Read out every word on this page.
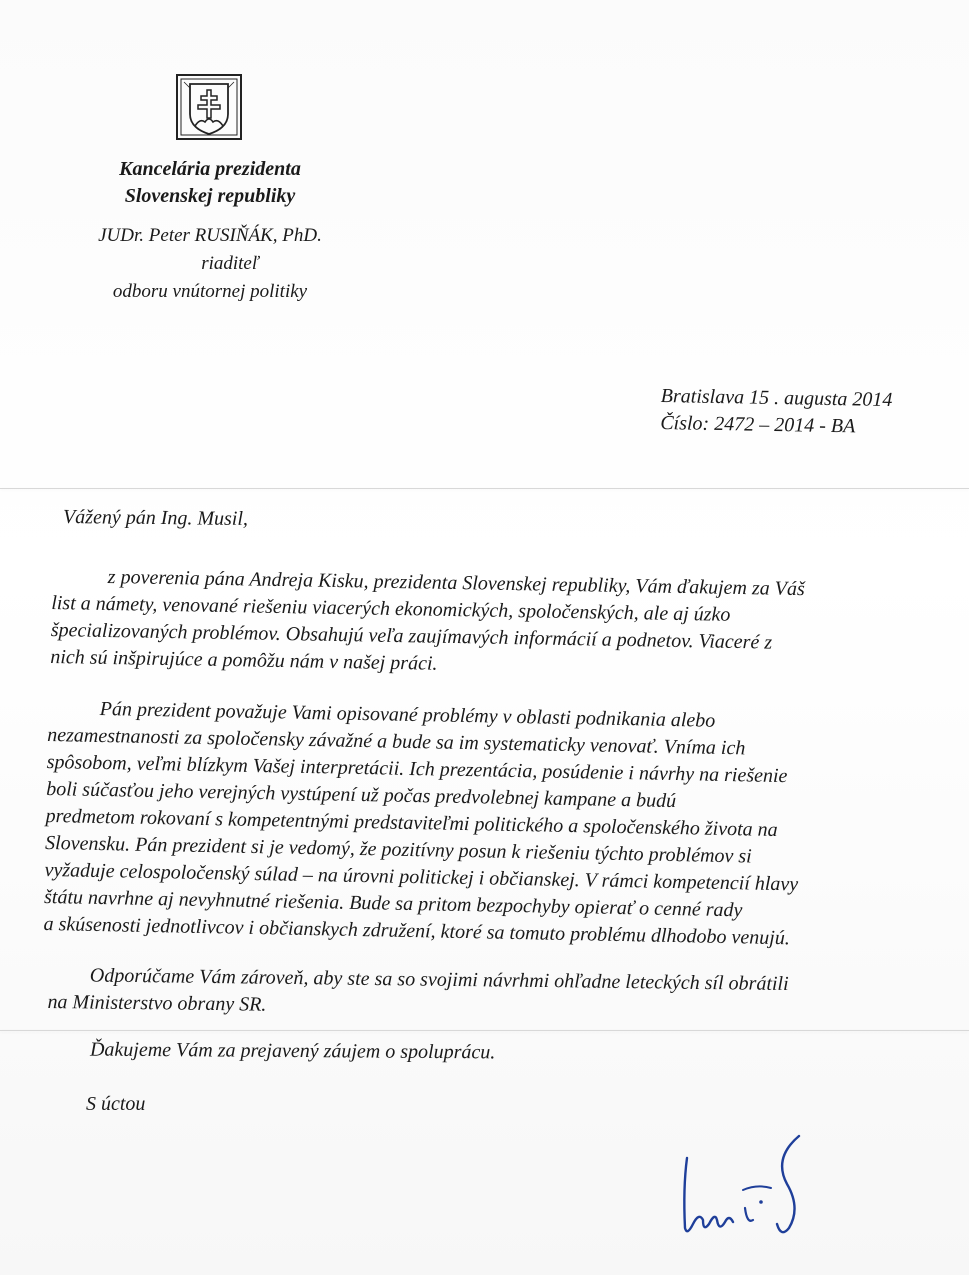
Kancelária prezidenta
Slovenskej republiky
JUDr. Peter RUSIŇÁK, PhD.
riaditeľ
odboru vnútornej politiky
Bratislava 15 . augusta 2014
Číslo: 2472 – 2014 - BA
Vážený pán Ing. Musil,
z poverenia pána Andreja Kisku, prezidenta Slovenskej republiky, Vám ďakujem za Váš
list a námety, venované riešeniu viacerých ekonomických, spoločenských, ale aj úzko
špecializovaných problémov. Obsahujú veľa zaujímavých informácií a podnetov. Viaceré z
nich sú inšpirujúce a pomôžu nám v našej práci.
Pán prezident považuje Vami opisované problémy v oblasti podnikania alebo
nezamestnanosti za spoločensky závažné a bude sa im systematicky venovať. Vníma ich
spôsobom, veľmi blízkym Vašej interpretácii. Ich prezentácia, posúdenie i návrhy na riešenie
boli súčasťou jeho verejných vystúpení už počas predvolebnej kampane a budú
predmetom rokovaní s kompetentnými predstaviteľmi politického a spoločenského života na
Slovensku. Pán prezident si je vedomý, že pozitívny posun k riešeniu týchto problémov si
vyžaduje celospoločenský súlad – na úrovni politickej i občianskej. V rámci kompetencií hlavy
štátu navrhne aj nevyhnutné riešenia. Bude sa pritom bezpochyby opierať o cenné rady
a skúsenosti jednotlivcov i občianskych združení, ktoré sa tomuto problému dlhodobo venujú.
Odporúčame Vám zároveň, aby ste sa so svojimi návrhmi ohľadne leteckých síl obrátili
na Ministerstvo obrany SR.
Ďakujeme Vám za prejavený záujem o spoluprácu.
S úctou
